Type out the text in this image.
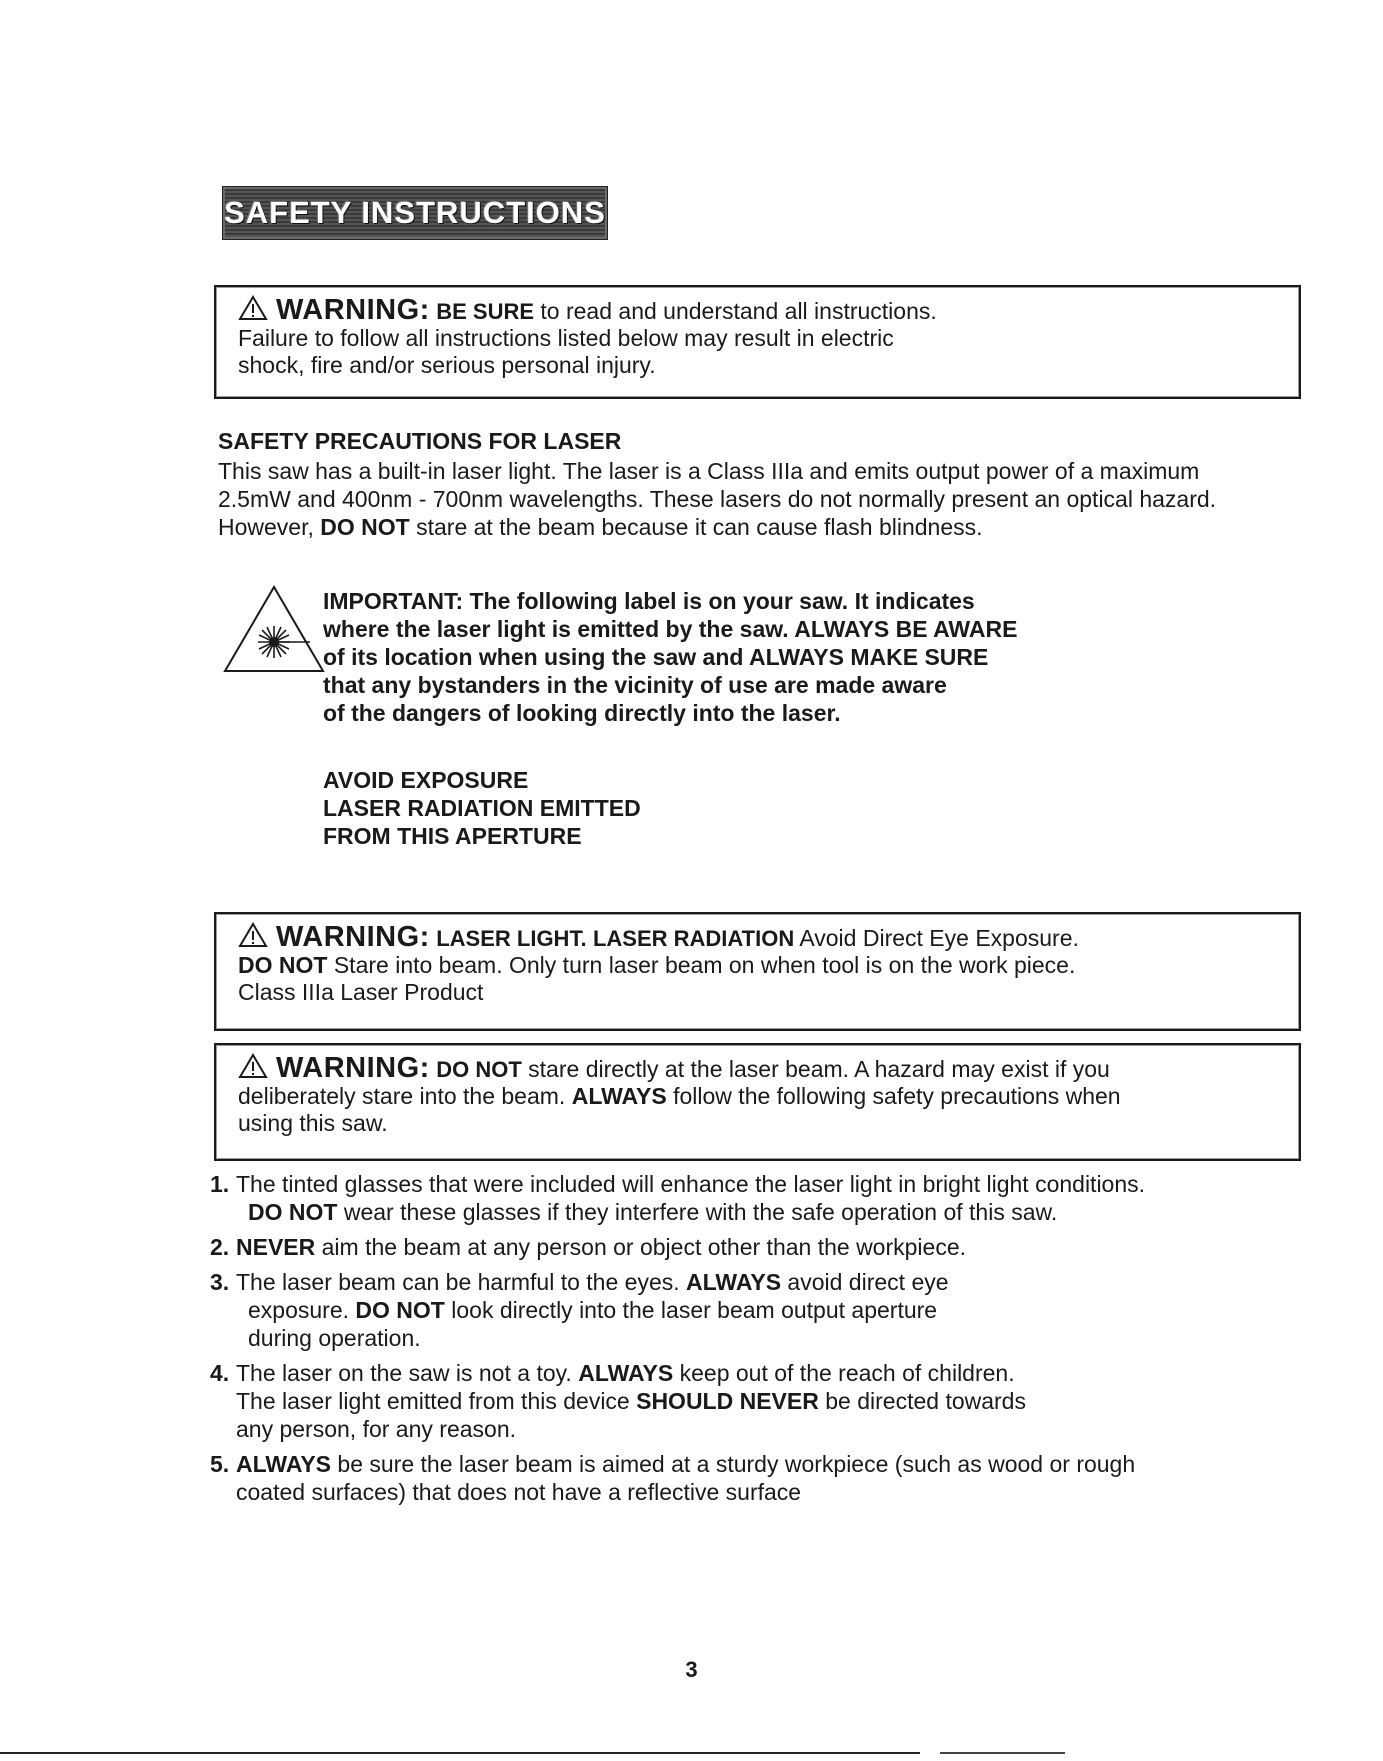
SAFETY INSTRUCTIONS
WARNING: BE SURE to read and understand all instructions.
Failure to follow all instructions listed below may result in electric
shock, fire and/or serious personal injury.
SAFETY PRECAUTIONS FOR LASER
This saw has a built-in laser light. The laser is a Class IIIa and emits output power of a maximum
2.5mW and 400nm - 700nm wavelengths. These lasers do not normally present an optical hazard.
However, DO NOT stare at the beam because it can cause flash blindness.
IMPORTANT: The following label is on your saw. It indicates
where the laser light is emitted by the saw. ALWAYS BE AWARE
of its location when using the saw and ALWAYS MAKE SURE
that any bystanders in the vicinity of use are made aware
of the dangers of looking directly into the laser.
AVOID EXPOSURE
LASER RADIATION EMITTED
FROM THIS APERTURE
WARNING: LASER LIGHT. LASER RADIATION Avoid Direct Eye Exposure.
DO NOT Stare into beam. Only turn laser beam on when tool is on the work piece.
Class IIIa Laser Product
WARNING: DO NOT stare directly at the laser beam. A hazard may exist if you
deliberately stare into the beam. ALWAYS follow the following safety precautions when
using this saw.
1. The tinted glasses that were included will enhance the laser light in bright light conditions.
DO NOT wear these glasses if they interfere with the safe operation of this saw.
2. NEVER aim the beam at any person or object other than the workpiece.
3. The laser beam can be harmful to the eyes. ALWAYS avoid direct eye
exposure. DO NOT look directly into the laser beam output aperture
during operation.
4. The laser on the saw is not a toy. ALWAYS keep out of the reach of children.
The laser light emitted from this device SHOULD NEVER be directed towards
any person, for any reason.
5. ALWAYS be sure the laser beam is aimed at a sturdy workpiece (such as wood or rough
coated surfaces) that does not have a reflective surface
3
